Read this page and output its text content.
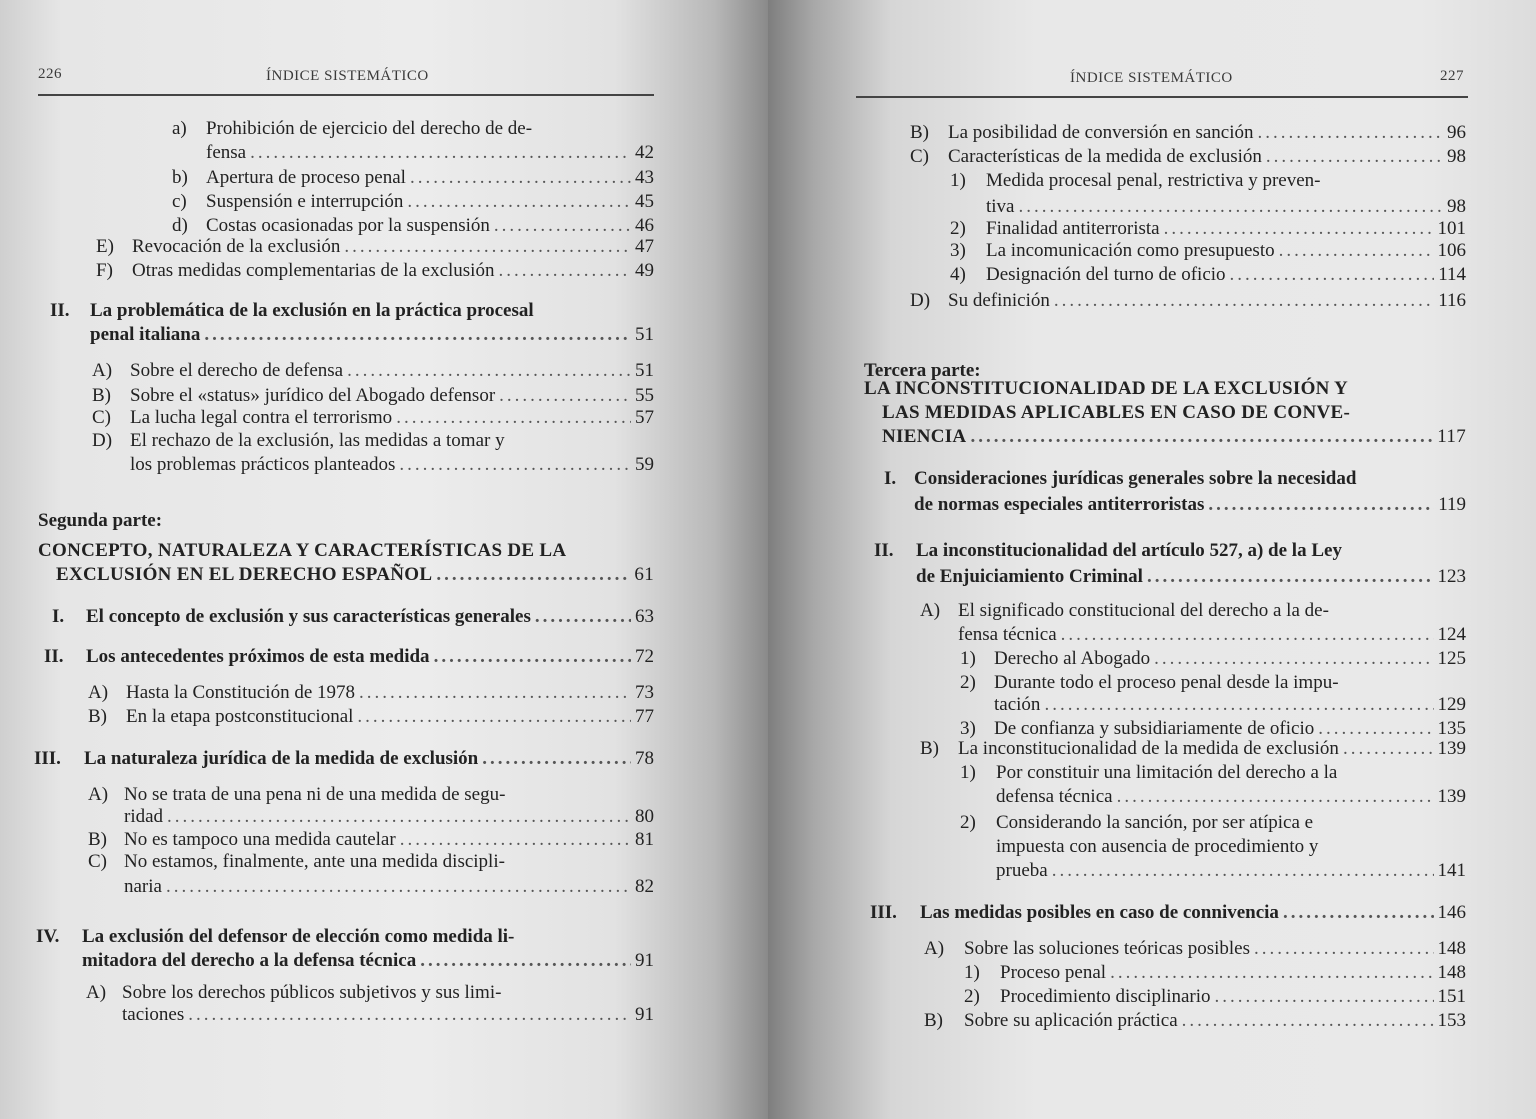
226	ÍNDICE SISTEMÁTICO
a)	Prohibición de ejercicio del derecho de de-
fensa .....	42
b) Apertura de proceso penal .....	43
c)	Suspensión e interrupción .....	45
d) Costas ocasionadas por la suspensión .....	46
E) Revocación de la exclusión .....	47
F)	Otras medidas complementarias de la exclusión .....	49
II.	La problemática de la exclusión en la práctica procesal
penal italiana .....	51
A) Sobre el derecho de defensa .....	51
B)	Sobre el «status» jurídico del Abogado defensor .....	55
C)	La lucha legal contra el terrorismo .....	57
D) El rechazo de la exclusión, las medidas a tomar y
los problemas prácticos planteados .....	59
Segunda parte:
CONCEPTO, NATURALEZA Y CARACTERÍSTICAS DE LA
EXCLUSIÓN EN EL DERECHO ESPAÑOL .....	61
I.	El concepto de exclusión y sus características generales .....	63
II.	Los antecedentes próximos de esta medida .....	72
A) Hasta la Constitución de 1978 .....	73
B)	En la etapa postconstitucional .....	77
III.	La naturaleza jurídica de la medida de exclusión .....	78
A) No se trata de una pena ni de una medida de segu-
ridad .....	80
B) No es tampoco una medida cautelar .....	81
C) No estamos, finalmente, ante una medida discipli-
naria .....	82
IV.	La exclusión del defensor de elección como medida li-
mitadora del derecho a la defensa técnica .....	91
A) Sobre los derechos públicos subjetivos y sus limi-
taciones .....	91
ÍNDICE SISTEMÁTICO	227
B)	La posibilidad de conversión en sanción .....	96
C)	Características de la medida de exclusión .....	98
1)	Medida procesal penal, restrictiva y preven-
tiva .....	98
2)	Finalidad antiterrorista .....	101
3)	La incomunicación como presupuesto .....	106
4)	Designación del turno de oficio .....	114
D) Su definición .....	116
Tercera parte:
LA INCONSTITUCIONALIDAD DE LA EXCLUSIÓN Y
LAS MEDIDAS APLICABLES EN CASO DE CONVE-
NIENCIA .....	117
I. Consideraciones jurídicas generales sobre la necesidad
de normas especiales antiterroristas .....	119
II.	La inconstitucionalidad del artículo 527, a) de la Ley
de Enjuiciamiento Criminal .....	123
A) El significado constitucional del derecho a la de-
fensa técnica .....	124
1) Derecho al Abogado .....	125
2) Durante todo el proceso penal desde la impu-
tación .....	129
3) De confianza y subsidiariamente de oficio .....	135
B)	La inconstitucionalidad de la medida de exclusión .....	139
1)	Por constituir una limitación del derecho a la
defensa técnica .....	139
2)	Considerando la sanción, por ser atípica e
impuesta con ausencia de procedimiento y
prueba .....	141
III.	Las medidas posibles en caso de connivencia .....	146
A)	Sobre las soluciones teóricas posibles .....	148
1)	Proceso penal .....	148
2)	Procedimiento disciplinario .....	151
B)	Sobre su aplicación práctica .....	153
